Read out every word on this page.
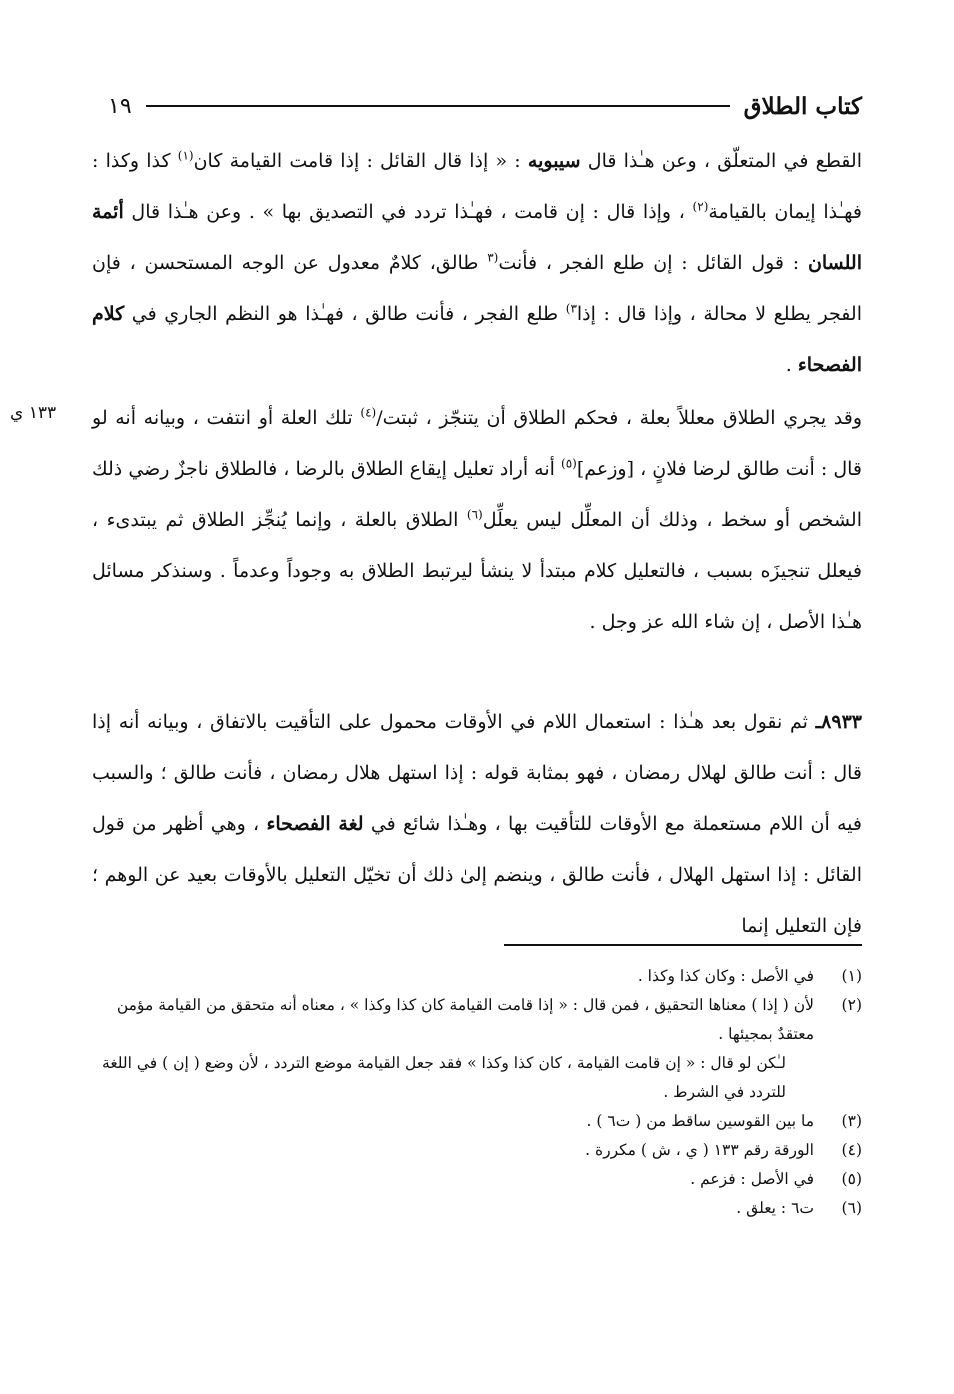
كتاب الطلاق
١٩
القطع في المتعلّق ، وعن هـٰذا قال سيبويه : « إذا قال القائل : إذا قامت القيامة كان$^{(١)}$ كذا وكذا : فهـٰذا إيمان بالقيامة$^{(٢)}$ ، وإذا قال : إن قامت ، فهـٰذا تردد في التصديق بها » . وعن هـٰذا قال أئمة اللسان : قول القائل : إن طلع الفجر ، فأنت$^{(٣}$ طالق، كلامٌ معدول عن الوجه المستحسن ، فإن الفجر يطلع لا محالة ، وإذا قال : إذا$^{٣)}$ طلع الفجر ، فأنت طالق ، فهـٰذا هو النظم الجاري في كلام الفصحاء .
١٣٣ ي	وقد يجري الطلاق معللاً بعلة ، فحكم الطلاق أن يتنجّز ، ثبتت/$^{(٤)}$ تلك العلة أو انتفت ، وبيانه أنه لو قال : أنت طالق لرضا فلانٍ ، [وزعم]$^{(٥)}$ أنه أراد تعليل إيقاع الطلاق بالرضا ، فالطلاق ناجزٌ رضي ذلك الشخص أو سخط ، وذلك أن المعلِّل ليس يعلِّل$^{(٦)}$ الطلاق بالعلة ، وإنما يُنجِّز الطلاق ثم يبتدىء ، فيعلل تنجيزَه بسبب ، فالتعليل كلام مبتدأ لا ينشأ ليرتبط الطلاق به وجوداً وعدماً . وسنذكر مسائل هـٰذا الأصل ، إن شاء الله عز وجل .
٨٩٣٣ـ ثم نقول بعد هـٰذا : استعمال اللام في الأوقات محمول على التأقيت بالاتفاق ، وبيانه أنه إذا قال : أنت طالق لهلال رمضان ، فهو بمثابة قوله : إذا استهل هلال رمضان ، فأنت طالق ؛ والسبب فيه أن اللام مستعملة مع الأوقات للتأقيت بها ، وهـٰذا شائع في لغة الفصحاء ، وهي أظهر من قول القائل : إذا استهل الهلال ، فأنت طالق ، وينضم إلىٰ ذلك أن تخيّل التعليل بالأوقات بعيد عن الوهم ؛ فإن التعليل إنما
(١)
في الأصل : وكان كذا وكذا .
(٢)
لأن ( إذا ) معناها التحقيق ، فمن قال : « إذا قامت القيامة كان كذا وكذا » ، معناه أنه متحقق من القيامة مؤمن معتقدٌ بمجيئها .
لـٰكن لو قال : « إن قامت القيامة ، كان كذا وكذا » فقد جعل القيامة موضع التردد ، لأن وضع ( إن ) في اللغة للتردد في الشرط .
(٣)
ما بين القوسين ساقط من ( ت٦ ) .
(٤)
الورقة رقم ١٣٣ ( ي ، ش ) مكررة .
(٥)
في الأصل : فزعم .
(٦)
ت٦ : يعلق .
